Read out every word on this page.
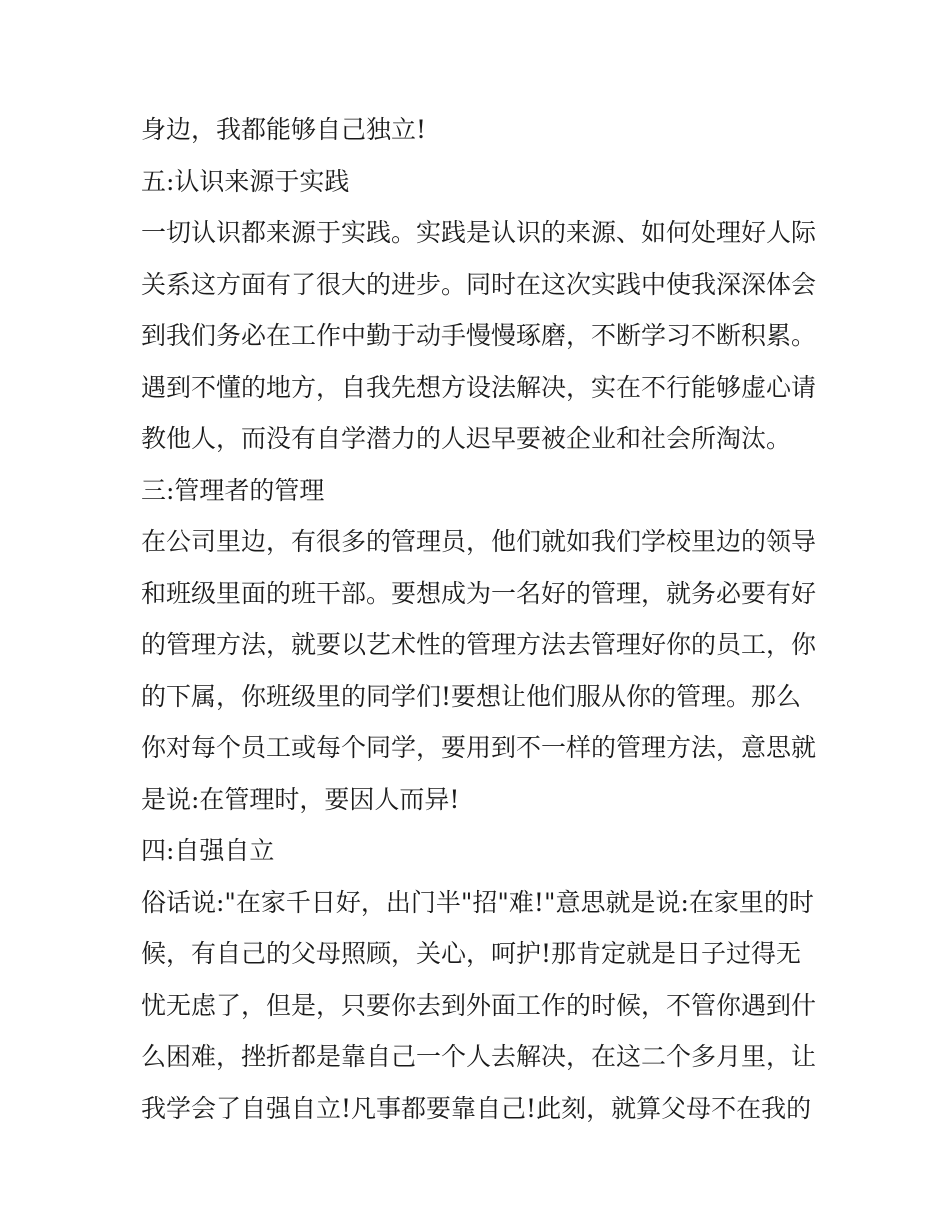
身边，我都能够自己独立!
五:认识来源于实践
一切认识都来源于实践。实践是认识的来源、如何处理好人际
关系这方面有了很大的进步。同时在这次实践中使我深深体会
到我们务必在工作中勤于动手慢慢琢磨，不断学习不断积累。
遇到不懂的地方，自我先想方设法解决，实在不行能够虚心请
教他人，而没有自学潜力的人迟早要被企业和社会所淘汰。
三:管理者的管理
在公司里边，有很多的管理员，他们就如我们学校里边的领导
和班级里面的班干部。要想成为一名好的管理，就务必要有好
的管理方法，就要以艺术性的管理方法去管理好你的员工，你
的下属，你班级里的同学们!要想让他们服从你的管理。那么
你对每个员工或每个同学，要用到不一样的管理方法，意思就
是说:在管理时，要因人而异!
四:自强自立
俗话说:"在家千日好，出门半"招"难!"意思就是说:在家里的时
候，有自己的父母照顾，关心，呵护!那肯定就是日子过得无
忧无虑了，但是，只要你去到外面工作的时候，不管你遇到什
么困难，挫折都是靠自己一个人去解决，在这二个多月里，让
我学会了自强自立!凡事都要靠自己!此刻，就算父母不在我的
